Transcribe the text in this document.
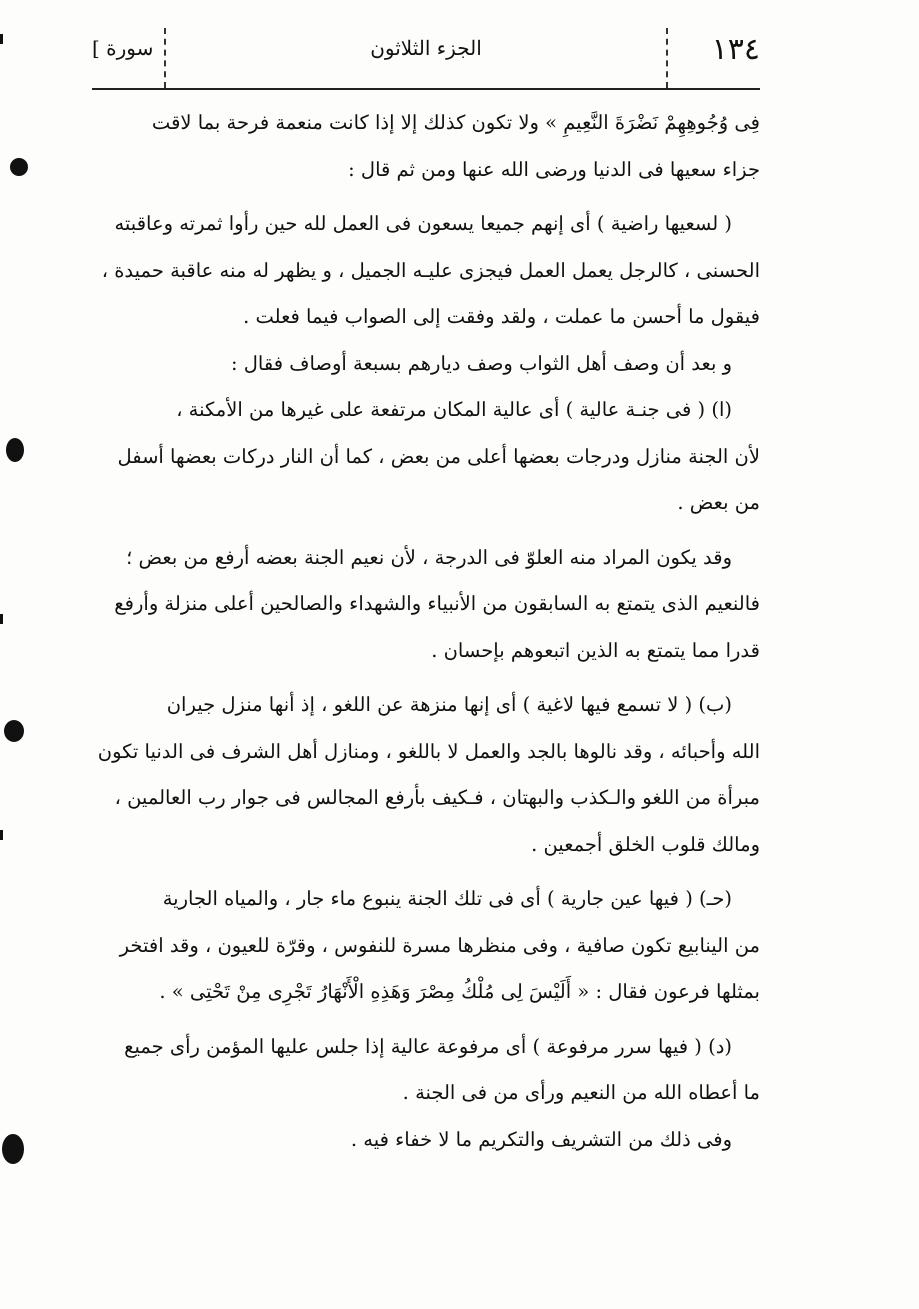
١٣٤
الجزء الثلاثون
[ سورة
فِى وُجُوهِهِمْ نَضْرَةَ النَّعِيمِ » ولا تكون كذلك إلا إذا كانت منعمة فرحة بما لاقت
جزاء سعيها فى الدنيا ورضى الله عنها ومن ثم قال :
( لسعيها راضية ) أى إنهم جميعا يسعون فى العمل لله حين رأوا ثمرته وعاقبته
الحسنى ، كالرجل يعمل العمل فيجزى عليـه الجميل ، و يظهر له منه عاقبة حميدة ،
فيقول ما أحسن ما عملت ، ولقد وفقت إلى الصواب فيما فعلت .
و بعد أن وصف أهل الثواب وصف ديارهم بسبعة أوصاف فقال :
(ا) ( فى جنـة عالية ) أى عالية المكان مرتفعة على غيرها من الأمكنة ،
لأن الجنة منازل ودرجات بعضها أعلى من بعض ، كما أن النار دركات بعضها أسفل
من بعض .
وقد يكون المراد منه العلوّ فى الدرجة ، لأن نعيم الجنة بعضه أرفع من بعض ؛
فالنعيم الذى يتمتع به السابقون من الأنبياء والشهداء والصالحين أعلى منزلة وأرفع
قدرا مما يتمتع به الذين اتبعوهم بإحسان .
(ب) ( لا تسمع فيها لاغية ) أى إنها منزهة عن اللغو ، إذ أنها منزل جيران
الله وأحبائه ، وقد نالوها بالجد والعمل لا باللغو ، ومنازل أهل الشرف فى الدنيا تكون
مبرأة من اللغو والـكذب والبهتان ، فـكيف بأرفع المجالس فى جوار رب العالمين ،
ومالك قلوب الخلق أجمعين .
(حـ) ( فيها عين جارية ) أى فى تلك الجنة ينبوع ماء جار ، والمياه الجارية
من الينابيع تكون صافية ، وفى منظرها مسرة للنفوس ، وقرّة للعيون ، وقد افتخر
بمثلها فرعون فقال : « أَلَيْسَ لِى مُلْكُ مِصْرَ وَهَذِهِ الْأَنْهَارُ تَجْرِى مِنْ تَحْتِى » .
(د) ( فيها سرر مرفوعة ) أى مرفوعة عالية إذا جلس عليها المؤمن رأى جميع
ما أعطاه الله من النعيم ورأى من فى الجنة .
وفى ذلك من التشريف والتكريم ما لا خفاء فيه .
